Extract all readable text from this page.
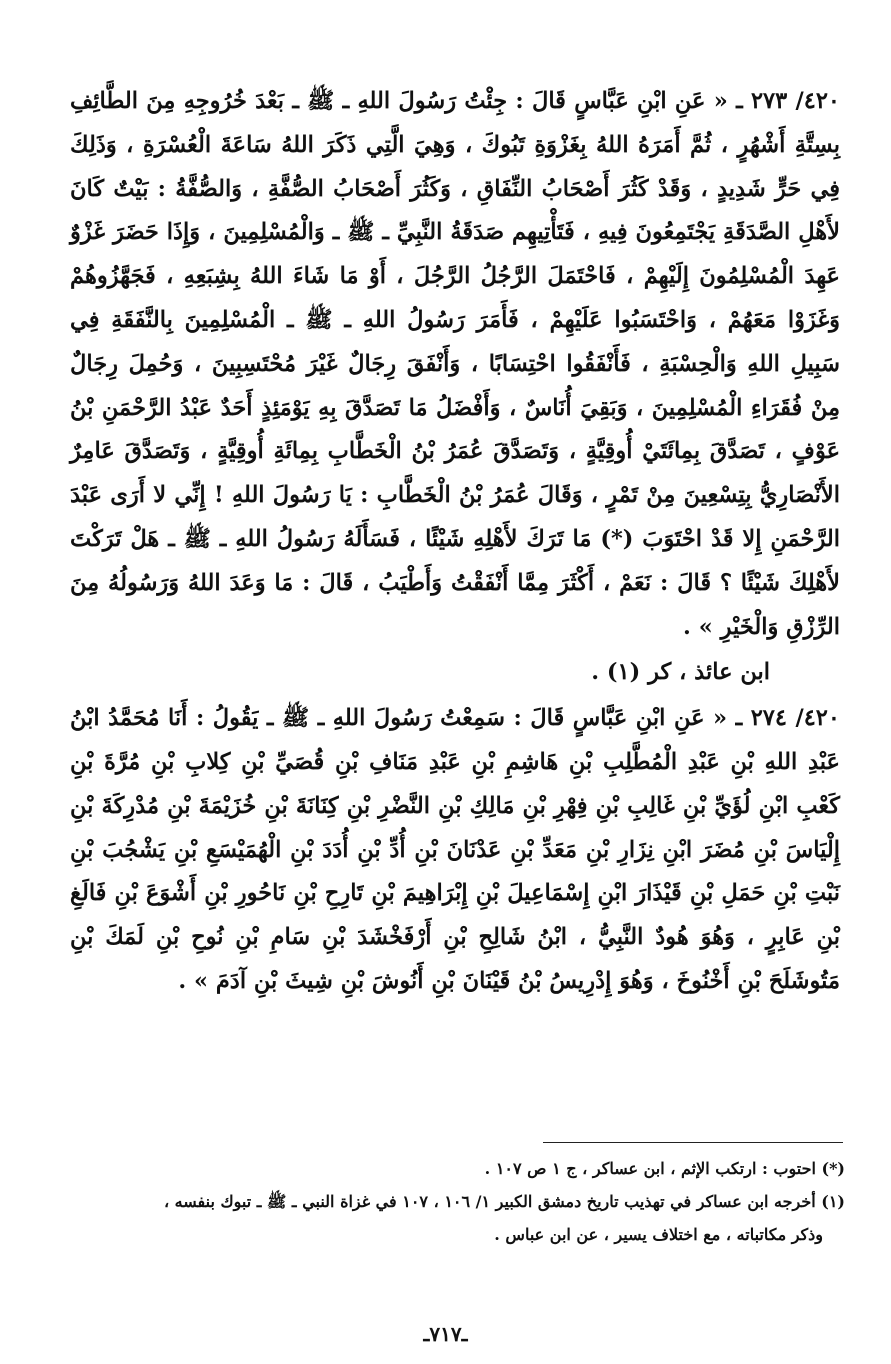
٤٢٠/ ٢٧٣ ـ « عَنِ ابْنِ عَبَّاسٍ قَالَ : جِئْتُ رَسُولَ اللهِ ـ ﷺ ـ بَعْدَ خُرُوجِهِ مِنَ الطَّائِفِ بِسِتَّةِ أَشْهُرٍ ، ثُمَّ أَمَرَهُ اللهُ بِغَزْوَةِ تَبُوكَ ، وَهِيَ الَّتِي ذَكَرَ اللهُ سَاعَةَ الْعُسْرَةِ ، وَذَلِكَ فِي حَرٍّ شَدِيدٍ ، وَقَدْ كَثُرَ أَصْحَابُ النِّفَاقِ ، وَكَثُرَ أَصْحَابُ الصُّفَّةِ ، وَالصُّفَّةُ : بَيْتٌ كَانَ لأَهْلِ الصَّدَقَةِ يَجْتَمِعُونَ فِيهِ ، فَتَأْتِيهِم صَدَقَةُ النَّبِيِّ ـ ﷺ ـ وَالْمُسْلِمِينَ ، وَإِذَا حَضَرَ غَزْوٌ عَهِدَ الْمُسْلِمُونَ إِلَيْهِمْ ، فَاحْتَمَلَ الرَّجُلُ الرَّجُلَ ، أَوْ مَا شَاءَ اللهُ بِشِبَعِهِ ، فَجَهَّزُوهُمْ وَغَزَوْا مَعَهُمْ ، وَاحْتَسَبُوا عَلَيْهِمْ ، فَأَمَرَ رَسُولُ اللهِ ـ ﷺ ـ الْمُسْلِمِينَ بِالنَّفَقَةِ فِي سَبِيلِ اللهِ وَالْحِسْبَةِ ، فَأَنْفَقُوا احْتِسَابًا ، وَأَنْفَقَ رِجَالٌ غَيْرَ مُحْتَسِبِينَ ، وَحُمِلَ رِجَالٌ مِنْ فُقَرَاءِ الْمُسْلِمِينَ ، وَبَقِيَ أُنَاسٌ ، وَأَفْضَلُ مَا تَصَدَّقَ بِهِ يَوْمَئِذٍ أَحَدٌ عَبْدُ الرَّحْمَنِ بْنُ عَوْفٍ ، تَصَدَّقَ بِمِائَتَيْ أُوقِيَّةٍ ، وَتَصَدَّقَ عُمَرُ بْنُ الْخَطَّابِ بِمِائَةِ أُوقِيَّةٍ ، وَتَصَدَّقَ عَامِرٌ الأَنْصَارِيُّ بِتِسْعِينَ مِنْ تَمْرٍ ، وَقَالَ عُمَرُ بْنُ الْخَطَّابِ : يَا رَسُولَ اللهِ ! إِنِّي لا أَرَى عَبْدَ الرَّحْمَنِ إِلا قَدْ احْتَوَبَ (*) مَا تَرَكَ لأَهْلِهِ شَيْئًا ، فَسَأَلَهُ رَسُولُ اللهِ ـ ﷺ ـ هَلْ تَرَكْتَ لأَهْلِكَ شَيْئًا ؟ قَالَ : نَعَمْ ، أَكْثَرَ مِمَّا أَنْفَقْتُ وَأَطْيَبُ ، قَالَ : مَا وَعَدَ اللهُ وَرَسُولُهُ مِنَ الرِّزْقِ وَالْخَيْرِ » .

ابن عائذ ، كر (١) .

٤٢٠/ ٢٧٤ ـ « عَنِ ابْنِ عَبَّاسٍ قَالَ : سَمِعْتُ رَسُولَ اللهِ ـ ﷺ ـ يَقُولُ : أَنَا مُحَمَّدُ ابْنُ عَبْدِ اللهِ بْنِ عَبْدِ الْمُطَّلِبِ بْنِ هَاشِمِ بْنِ عَبْدِ مَنَافِ بْنِ قُصَيِّ بْنِ كِلابِ بْنِ مُرَّةَ بْنِ كَعْبِ ابْنِ لُؤَيِّ بْنِ غَالِبِ بْنِ فِهْرِ بْنِ مَالِكِ بْنِ النَّضْرِ بْنِ كِنَانَةَ بْنِ خُزَيْمَةَ بْنِ مُدْرِكَةَ بْنِ إِلْيَاسَ بْنِ مُضَرَ ابْنِ نِزَارِ بْنِ مَعَدِّ بْنِ عَدْنَانَ بْنِ أُدِّ بْنِ أُدَدَ بْنِ الْهُمَيْسَعِ بْنِ يَشْجُبَ بْنِ نَبْتِ بْنِ حَمَلِ بْنِ قَيْذَارَ ابْنِ إِسْمَاعِيلَ بْنِ إِبْرَاهِيمَ بْنِ تَارِحِ بْنِ نَاحُورِ بْنِ أَشْوَعَ بْنِ فَالَغِ بْنِ عَابِرٍ ، وَهُوَ هُودٌ النَّبِيُّ ، ابْنُ شَالِحِ بْنِ أَرْفَخْشَدَ بْنِ سَامِ بْنِ نُوحِ بْنِ لَمَكَ بْنِ مَتُوشَلَحَ بْنِ أَخْنُوخَ ، وَهُوَ إِدْرِيسُ بْنُ قَيْنَانَ بْنِ أَنُوشَ بْنِ شِيثَ بْنِ آدَمَ » .

(*) احتوب : ارتكب الإثم ، ابن عساكر ، ج ١ ص ١٠٧ .

(١) أخرجه ابن عساكر في تهذيب تاريخ دمشق الكبير ١/ ١٠٦ ، ١٠٧ في غزاة النبي ـ ﷺ ـ تبوك بنفسه ،

وذكر مكاتباته ، مع اختلاف يسير ، عن ابن عباس .

ـ٧١٧ـ
